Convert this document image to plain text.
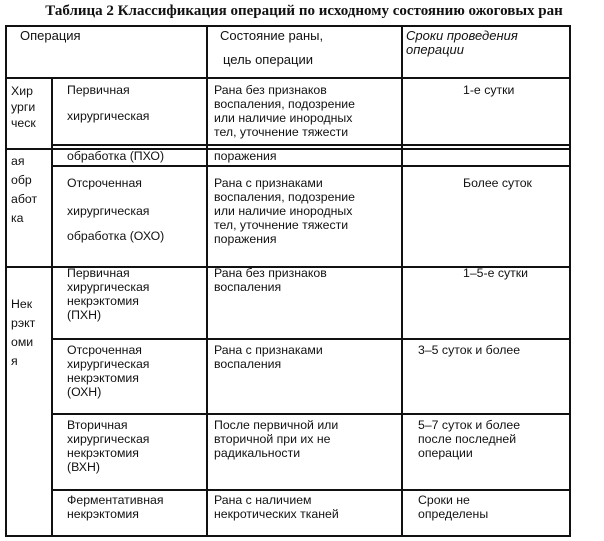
Таблица 2 Классификация операций по исходному состоянию ожоговых ран
Операция	Состояние раны,
цель операции
Сроки проведения
операции
Хир
урги
ческ
ая
обр
абот
ка
Нек
рэкт
оми
я
Первичная
хирургическая
Рана без признаков
воспаления, подозрение
или наличие инородных
тел, уточнение тяжести
1-е сутки
обработка (ПХО)	поражения
Отсроченная
хирургическая
обработка (ОХО)
Рана с признаками
воспаления, подозрение
или наличие инородных
тел, уточнение тяжести
поражения
Более суток
Первичная
хирургическая
некрэктомия
(ПХН)
Рана без признаков
воспаления
1–5-е сутки
Отсроченная
хирургическая
некрэктомия
(ОХН)
Рана с признаками
воспаления
3–5 суток и более
Вторичная
хирургическая
некрэктомия
(ВХН)
После первичной или
вторичной при их не
радикальности
5–7 суток и более
после последней
операции
Ферментативная
некрэктомия
Рана с наличием
некротических тканей
Сроки не
определены
